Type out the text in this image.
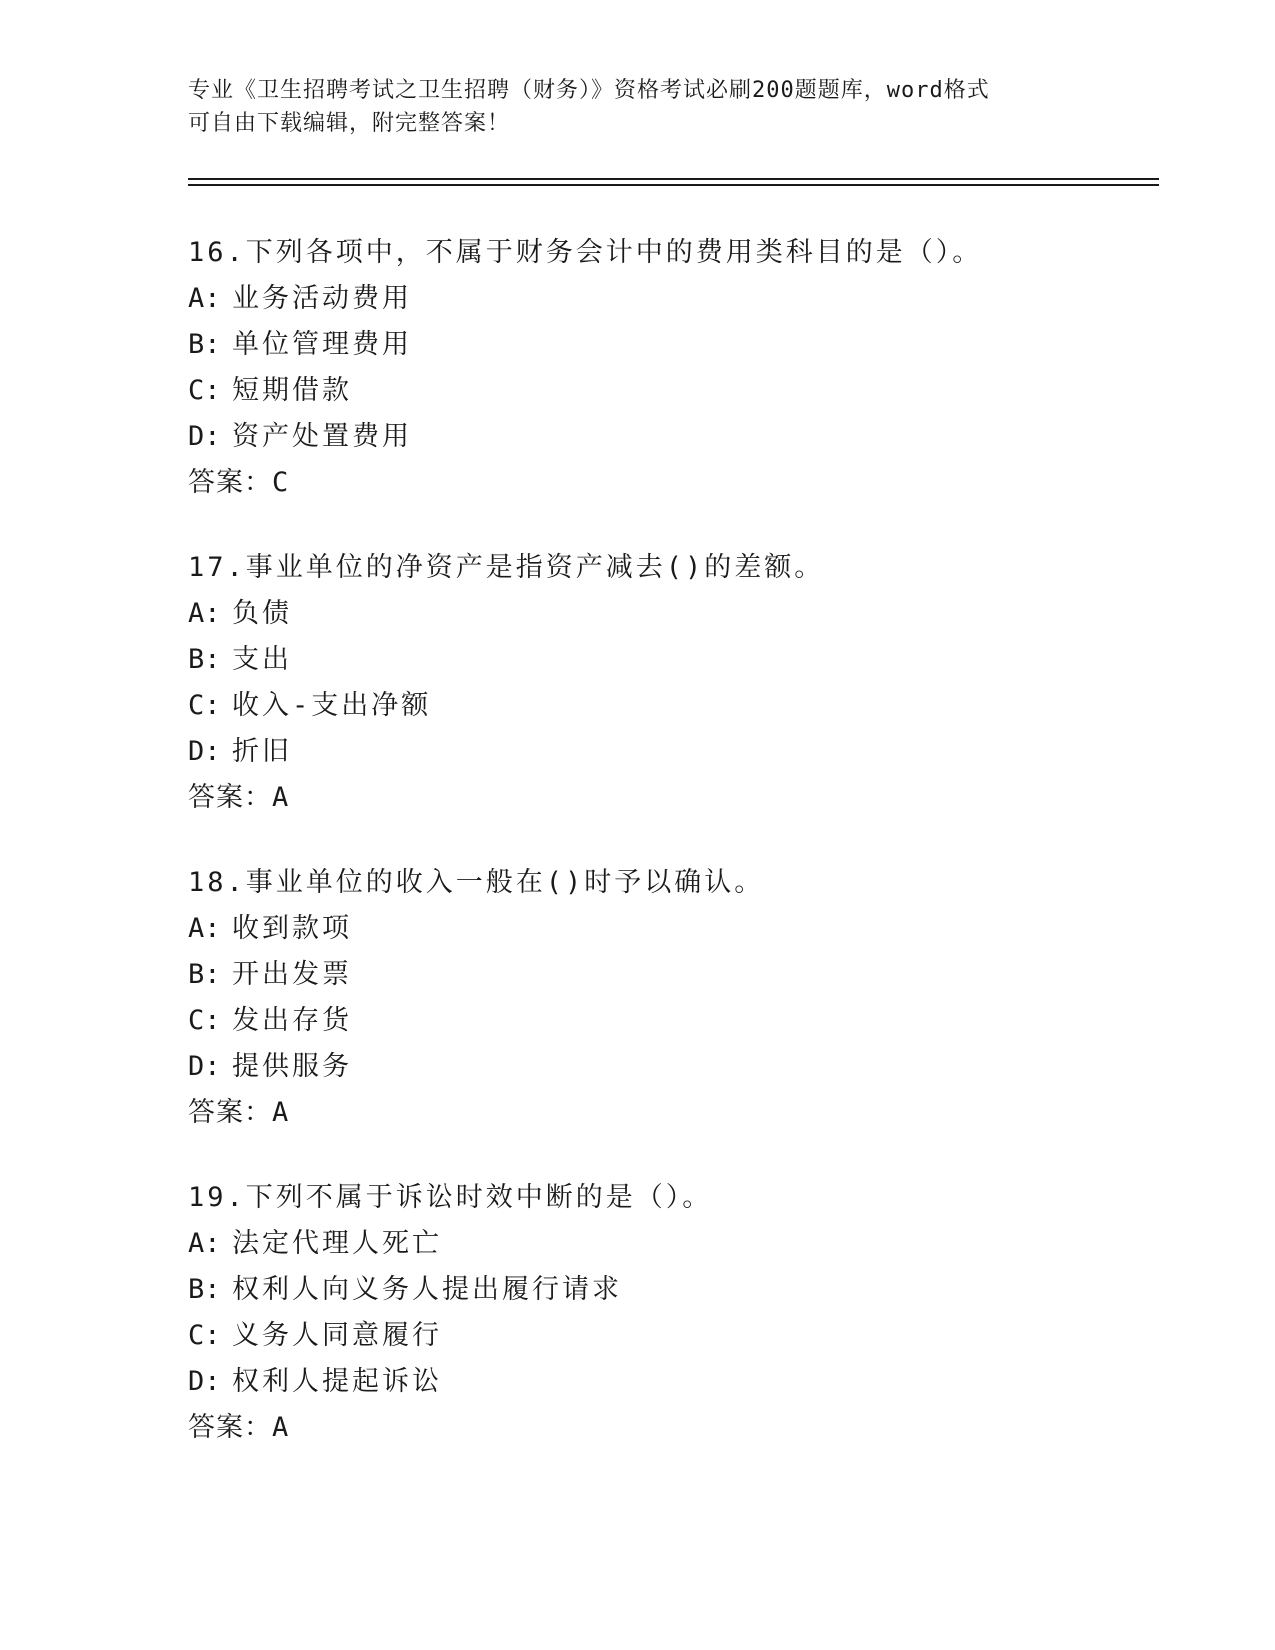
专业《卫生招聘考试之卫生招聘（财务）》资格考试必刷200题题库，word格式
可自由下载编辑，附完整答案！
16.下列各项中，不属于财务会计中的费用类科目的是（）。
A: 业务活动费用
B: 单位管理费用
C: 短期借款
D: 资产处置费用
答案：C
17.事业单位的净资产是指资产减去()的差额。
A: 负债
B: 支出
C: 收入-支出净额
D: 折旧
答案：A
18.事业单位的收入一般在()时予以确认。
A: 收到款项
B: 开出发票
C: 发出存货
D: 提供服务
答案：A
19.下列不属于诉讼时效中断的是（）。
A: 法定代理人死亡
B: 权利人向义务人提出履行请求
C: 义务人同意履行
D: 权利人提起诉讼
答案：A
